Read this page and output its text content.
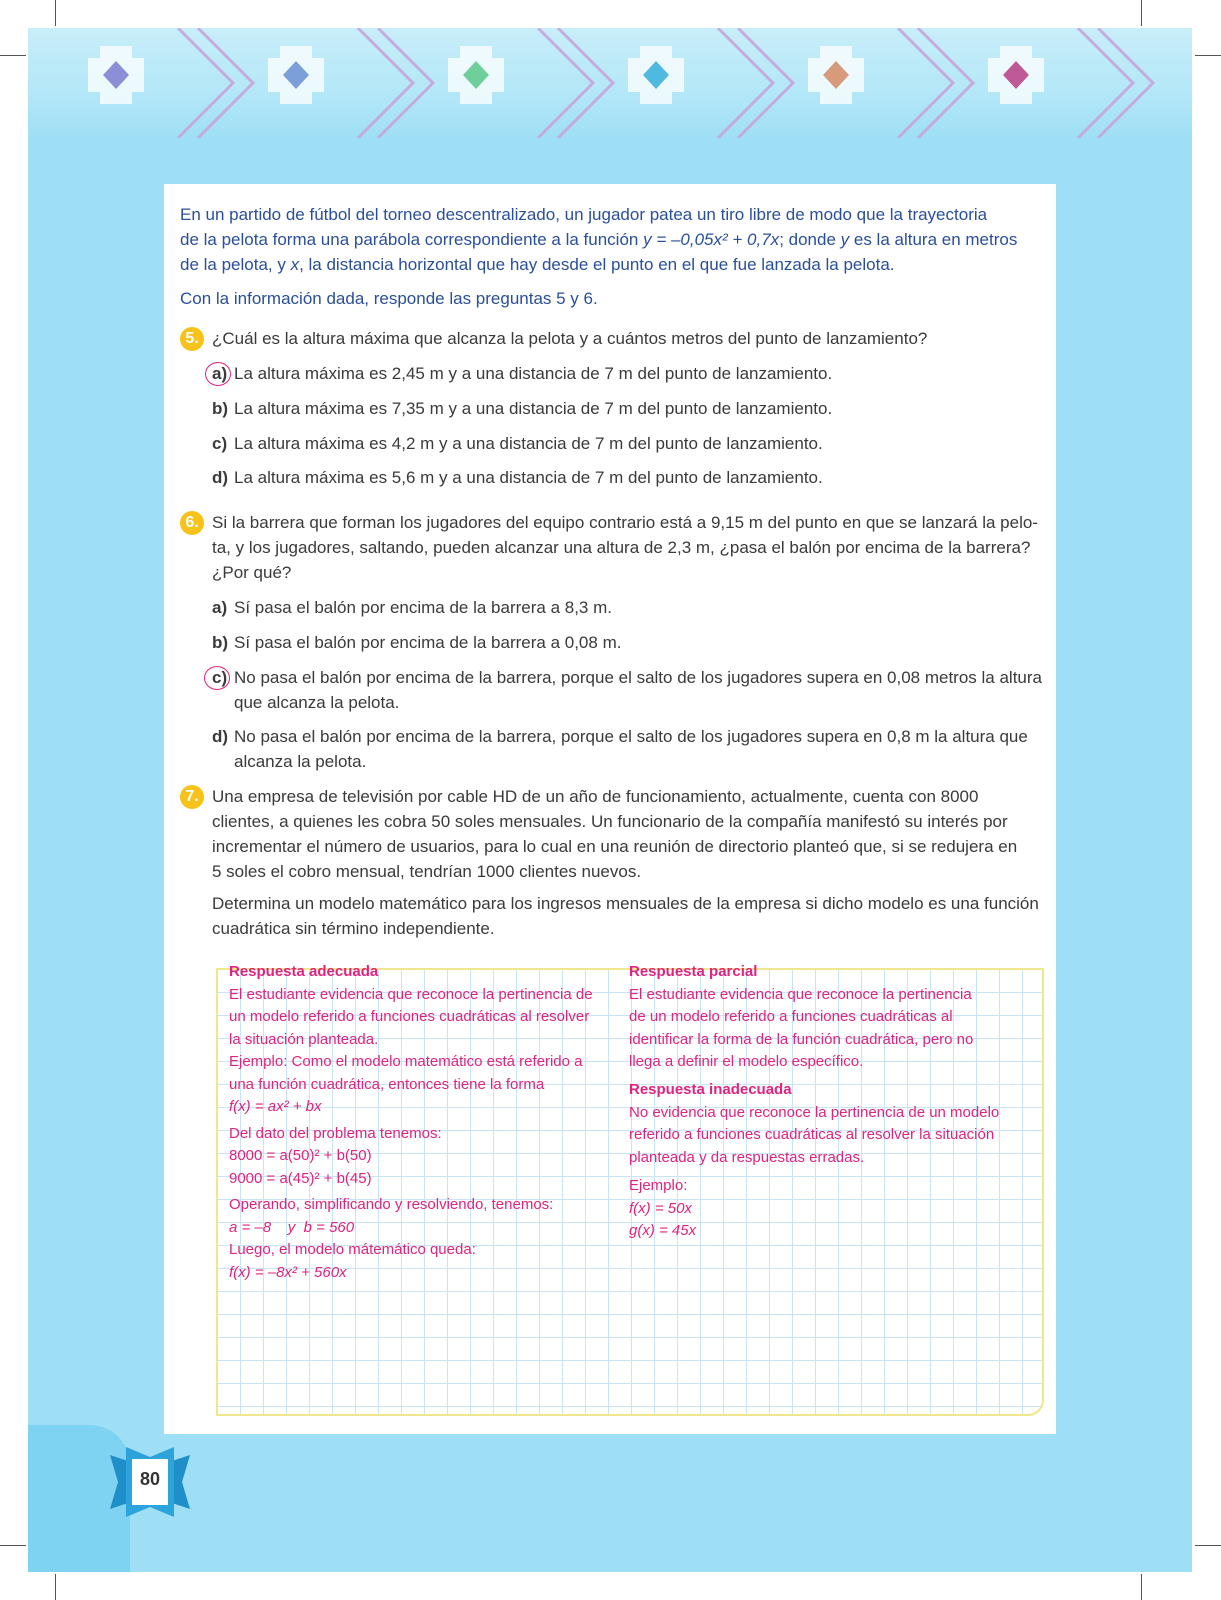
En un partido de fútbol del torneo descentralizado, un jugador patea un tiro libre de modo que la trayectoria
de la pelota forma una parábola correspondiente a la función y = –0,05x² + 0,7x; donde y es la altura en metros
de la pelota, y x, la distancia horizontal que hay desde el punto en el que fue lanzada la pelota.
Con la información dada, responde las preguntas 5 y 6.
5. ¿Cuál es la altura máxima que alcanza la pelota y a cuántos metros del punto de lanzamiento?
a) La altura máxima es 2,45 m y a una distancia de 7 m del punto de lanzamiento.
b) La altura máxima es 7,35 m y a una distancia de 7 m del punto de lanzamiento.
c) La altura máxima es 4,2 m y a una distancia de 7 m del punto de lanzamiento.
d) La altura máxima es 5,6 m y a una distancia de 7 m del punto de lanzamiento.
6. Si la barrera que forman los jugadores del equipo contrario está a 9,15 m del punto en que se lanzará la pelo-
ta, y los jugadores, saltando, pueden alcanzar una altura de 2,3 m, ¿pasa el balón por encima de la barrera?
¿Por qué?
a) Sí pasa el balón por encima de la barrera a 8,3 m.
b) Sí pasa el balón por encima de la barrera a 0,08 m.
c) No pasa el balón por encima de la barrera, porque el salto de los jugadores supera en 0,08 metros la altura que alcanza la pelota.
d) No pasa el balón por encima de la barrera, porque el salto de los jugadores supera en 0,8 m la altura que alcanza la pelota.
7. Una empresa de televisión por cable HD de un año de funcionamiento, actualmente, cuenta con 8000
clientes, a quienes les cobra 50 soles mensuales. Un funcionario de la compañía manifestó su interés por
incrementar el número de usuarios, para lo cual en una reunión de directorio planteó que, si se redujera en
5 soles el cobro mensual, tendrían 1000 clientes nuevos.
Determina un modelo matemático para los ingresos mensuales de la empresa si dicho modelo es una función
cuadrática sin término independiente.
Respuesta adecuada
El estudiante evidencia que reconoce la pertinencia de
un modelo referido a funciones cuadráticas al resolver
la situación planteada.
Ejemplo: Como el modelo matemático está referido a
una función cuadrática, entonces tiene la forma
f(x) = ax² + bx
Del dato del problema tenemos:
8000 = a(50)² + b(50)
9000 = a(45)² + b(45)
Operando, simplificando y resolviendo, tenemos:
a = –8    y  b = 560
Luego, el modelo mátemático queda:
f(x) = –8x² + 560x
Respuesta parcial
El estudiante evidencia que reconoce la pertinencia
de un modelo referido a funciones cuadráticas al
identificar la forma de la función cuadrática, pero no
llega a definir el modelo específico.
Respuesta inadecuada
No evidencia que reconoce la pertinencia de un modelo
referido a funciones cuadráticas al resolver la situación
planteada y da respuestas erradas.
Ejemplo:
f(x) = 50x
g(x) = 45x
80
